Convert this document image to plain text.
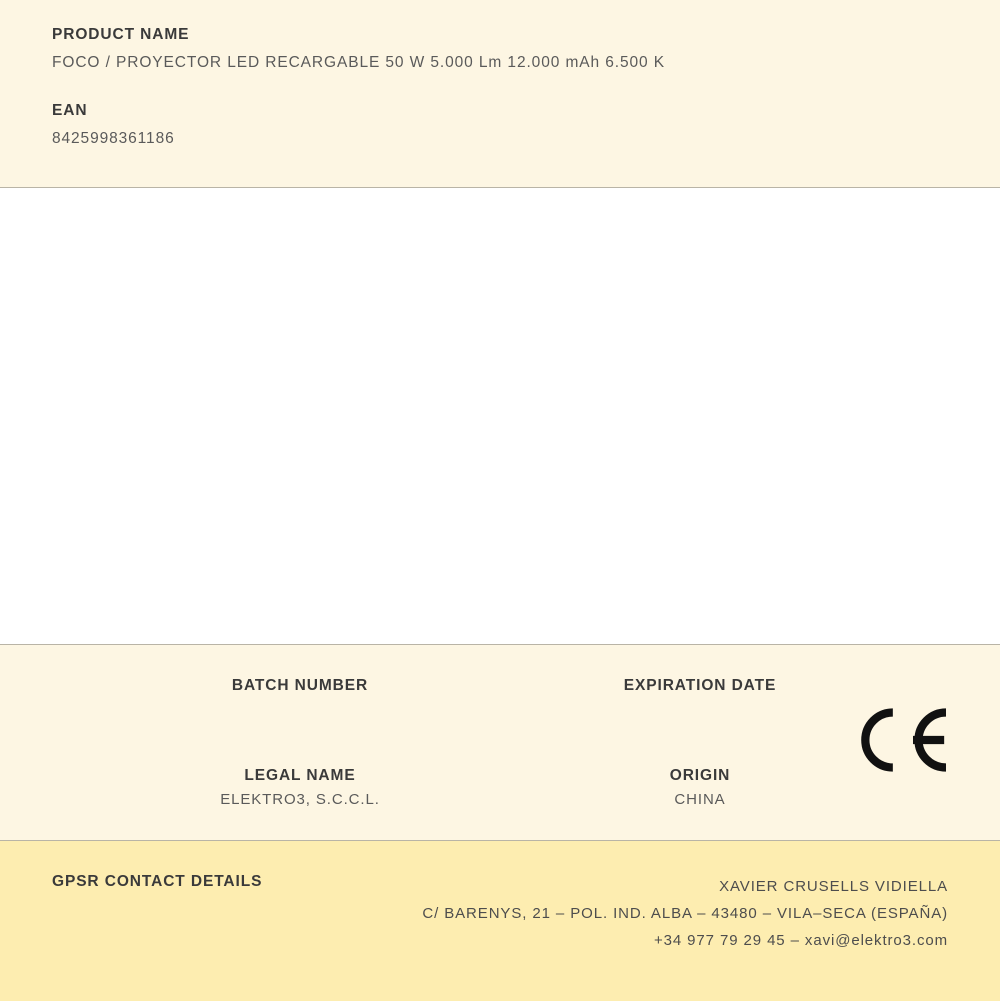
PRODUCT NAME

FOCO / PROYECTOR LED RECARGABLE 50 W 5.000 Lm 12.000 mAh 6.500 K

EAN

8425998361186

BATCH NUMBER	EXPIRATION DATE

LEGAL NAME

ELEKTRO3, S.C.C.L.

ORIGIN

CHINA

GPSR CONTACT DETAILS	XAVIER CRUSELLS VIDIELLA
C/ BARENYS, 21 – POL. IND. ALBA – 43480 – VILA–SECA (ESPAÑA)
+34 977 79 29 45 – xavi@elektro3.com
